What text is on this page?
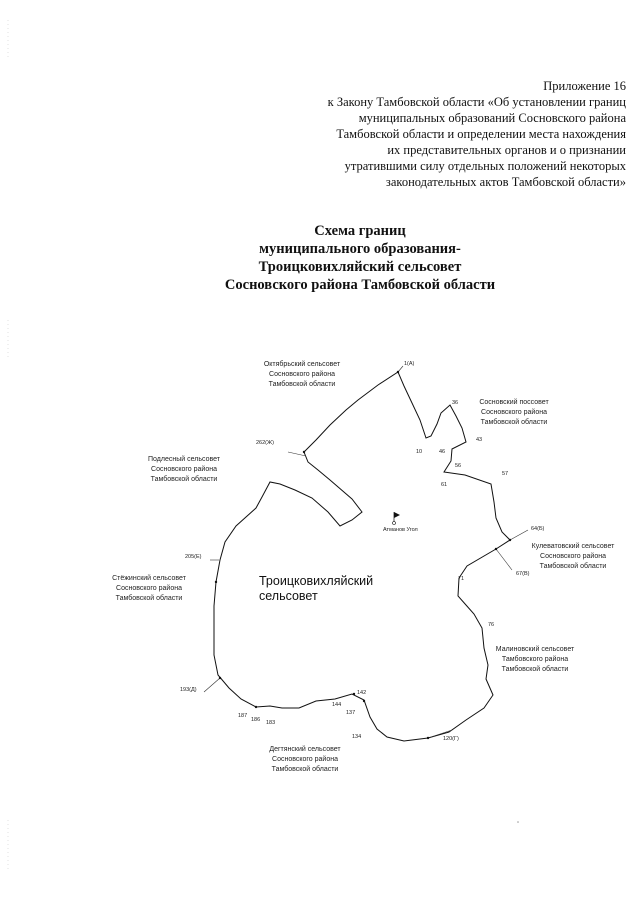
Приложение 16
к Закону Тамбовской области «Об установлении границ
муниципальных образований Сосновского района
Тамбовской области и определении места нахождения
их представительных органов и о признании
утратившими силу отдельных положений некоторых
законодательных актов Тамбовской области»
Схема границ
муниципального образования-
Троицковихляйский сельсовет
Сосновского района Тамбовской области
Атманов Угол
Троицковихляйский
сельсовет
Октябрьский сельсовет
Сосновского района
Тамбовской области
Сосновский поссовет
Сосновского района
Тамбовской области
Подлесный сельсовет
Сосновского района
Тамбовской области
Кулеватовский сельсовет
Сосновского района
Тамбовской области
Стёжинский сельсовет
Сосновского района
Тамбовской области
Малиновский сельсовет
Тамбовского района
Тамбовской области
Дегтянский сельсовет
Сосновского района
Тамбовской области
1(А)
262(Ж)
64(Б)
67(В)
205(Е)
193(Д)
120(Г)
36
43
46
10
56
57
61
71
76
142
144
137
134
187
186 183
